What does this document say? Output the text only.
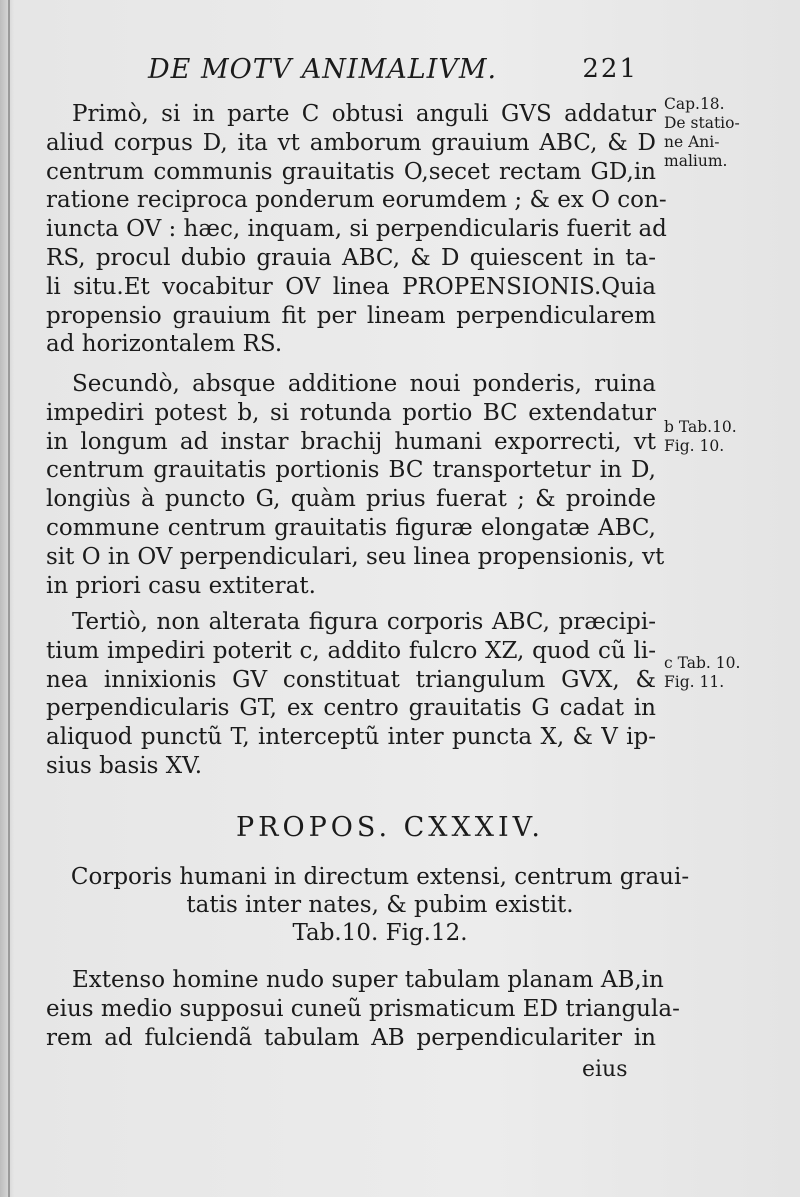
DE MOTV ANIMALIVM.	221

Primò, si in parte C obtusi anguli GVS addatur
aliud corpus D, ita vt amborum grauium ABC, & D
centrum communis grauitatis O,secet rectam GD,in
ratione reciproca ponderum eorumdem ; & ex O con-
iuncta OV : hæc, inquam, si perpendicularis fuerit ad
RS, procul dubio grauia ABC, & D quiescent in ta-
li situ.Et vocabitur OV linea PROPENSIONIS.Quia
propensio grauium fit per lineam perpendicularem
ad horizontalem RS.

Secundò, absque additione noui ponderis, ruina
impediri potest b, si rotunda portio BC extendatur
in longum ad instar brachij humani exporrecti, vt
centrum grauitatis portionis BC transportetur in D,
longiùs à puncto G, quàm prius fuerat ; & proinde
commune centrum grauitatis figuræ elongatæ ABC,
sit O in OV perpendiculari, seu linea propensionis, vt
in priori casu extiterat.

Tertiò, non alterata figura corporis ABC, præcipi-
tium impediri poterit c, addito fulcro XZ, quod cũ li-
nea innixionis GV constituat triangulum GVX, &
perpendicularis GT, ex centro grauitatis G cadat in
aliquod punctũ T, interceptũ inter puncta X, & V ip-
sius basis XV.

Cap.18.
De statio-
ne Ani-
malium.
b Tab.10.
Fig. 10.
c Tab. 10.
Fig. 11.
PROPOS. CXXXIV.
Corporis humani in directum extensi, centrum graui-
tatis inter nates, & pubim existit.
Tab.10. Fig.12.

Extenso homine nudo super tabulam planam AB,in
eius medio supposui cuneũ prismaticum ED triangula-
rem ad fulciendã tabulam AB perpendiculariter in

eius
